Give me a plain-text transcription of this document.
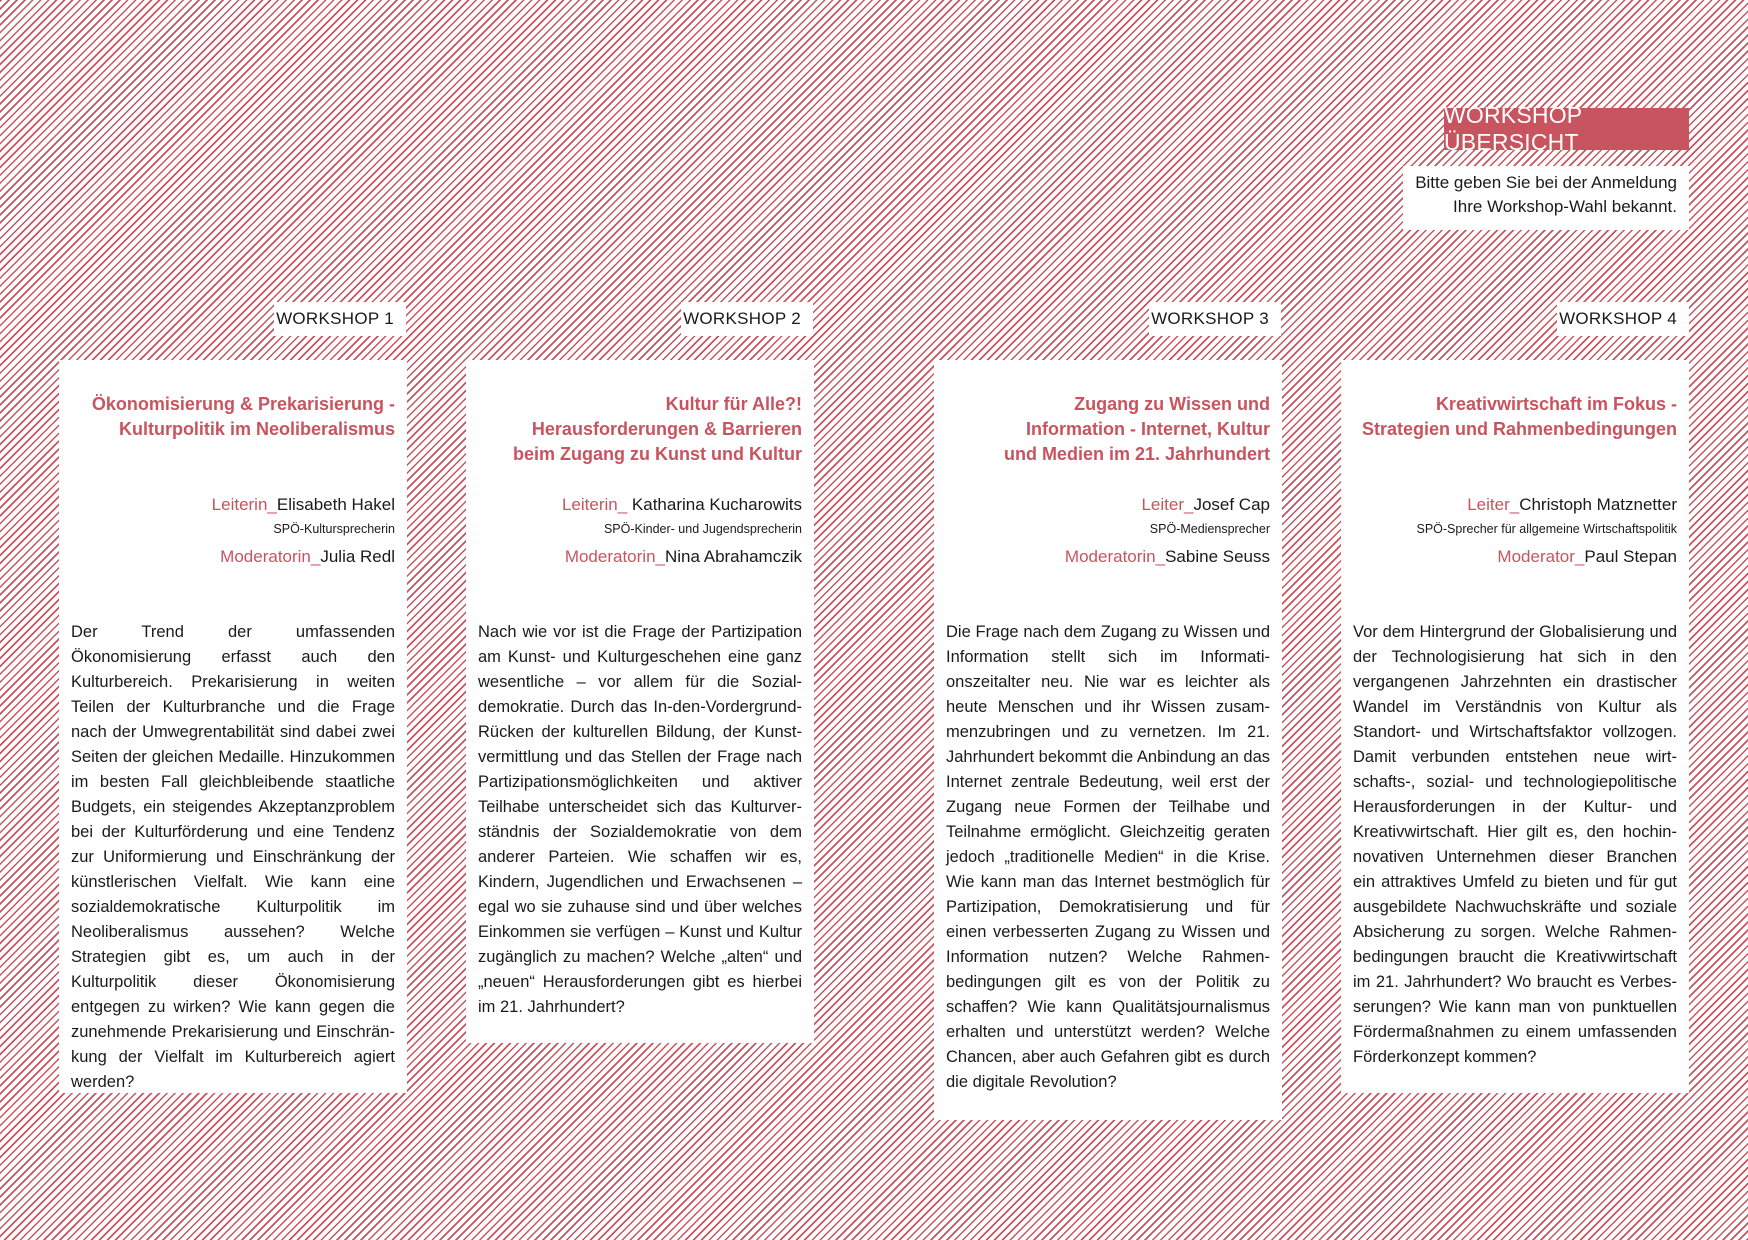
WORKSHOP ÜBERSICHT
Bitte geben Sie bei der Anmeldung
Ihre Workshop-Wahl bekannt.
WORKSHOP 1
Ökonomisierung & Prekarisierung -
Kulturpolitik im Neoliberalismus
Leiterin_Elisabeth Hakel
SPÖ-Kultursprecherin
Moderatorin_Julia Redl
Der Trend der umfassenden Ökonomisierung erfasst auch den Kulturbereich. Prekarisierung in weiten Teilen der Kulturbranche und die Frage nach der Umwegrentabilität sind dabei zwei Seiten der gleichen Medaille. Hinzukommen im besten Fall gleichbleibende staatliche Budgets, ein steigendes Akzeptanzproblem bei der Kulturförderung und eine Tendenz zur Uniformierung und Einschränkung der künstlerischen Vielfalt. Wie kann eine sozialdemokratische Kulturpolitik im Neoliberalismus aussehen? Welche Strategien gibt es, um auch in der Kulturpolitik dieser Ökonomisierung entgegen zu wirken? Wie kann gegen die zunehmende Prekarisierung und Einschränkung der Vielfalt im Kulturbereich agiert werden?
WORKSHOP 2
Kultur für Alle?!
Herausforderungen & Barrieren
beim Zugang zu Kunst und Kultur
Leiterin_ Katharina Kucharowits
SPÖ-Kinder- und Jugendsprecherin
Moderatorin_Nina Abrahamczik
Nach wie vor ist die Frage der Partizipation am Kunst- und Kulturgeschehen eine ganz wesentliche – vor allem für die Sozialdemokratie. Durch das In-den-Vordergrund-Rücken der kulturellen Bildung, der Kunstvermittlung und das Stellen der Frage nach Partizipationsmöglichkeiten und aktiver Teilhabe unterscheidet sich das Kulturverständnis der Sozialdemokratie von dem anderer Parteien. Wie schaffen wir es, Kindern, Jugendlichen und Erwachsenen – egal wo sie zuhause sind und über welches Einkommen sie verfügen – Kunst und Kultur zugänglich zu machen? Welche „alten“ und „neuen“ Herausforderungen gibt es hierbei im 21. Jahrhundert?
WORKSHOP 3
Zugang zu Wissen und
Information - Internet, Kultur
und Medien im 21. Jahrhundert
Leiter_Josef Cap
SPÖ-Mediensprecher
Moderatorin_Sabine Seuss
Die Frage nach dem Zugang zu Wissen und Information stellt sich im Informationszeitalter neu. Nie war es leichter als heute Menschen und ihr Wissen zusammenzubringen und zu vernetzen. Im 21. Jahrhundert bekommt die Anbindung an das Internet zentrale Bedeutung, weil erst der Zugang neue Formen der Teilhabe und Teilnahme ermöglicht. Gleichzeitig geraten jedoch „traditionelle Medien“ in die Krise. Wie kann man das Internet bestmöglich für Partizipation, Demokratisierung und für einen verbesserten Zugang zu Wissen und Information nutzen? Welche Rahmenbedingungen gilt es von der Politik zu schaffen? Wie kann Qualitätsjournalismus erhalten und unterstützt werden? Welche Chancen, aber auch Gefahren gibt es durch die digitale Revolution?
WORKSHOP 4
Kreativwirtschaft im Fokus -
Strategien und Rahmenbedingungen
Leiter_Christoph Matznetter
SPÖ-Sprecher für allgemeine Wirtschaftspolitik
Moderator_Paul Stepan
Vor dem Hintergrund der Globalisierung und der Technologisierung hat sich in den vergangenen Jahrzehnten ein drastischer Wandel im Verständnis von Kultur als Standort- und Wirtschaftsfaktor vollzogen. Damit verbunden entstehen neue wirtschafts-, sozial- und technologiepolitische Herausforderungen in der Kultur- und Kreativwirtschaft. Hier gilt es, den hochinnovativen Unternehmen dieser Branchen ein attraktives Umfeld zu bieten und für gut ausgebildete Nachwuchskräfte und soziale Absicherung zu sorgen. Welche Rahmenbedingungen braucht die Kreativwirtschaft im 21. Jahrhundert? Wo braucht es Verbesserungen? Wie kann man von punktuellen Fördermaßnahmen zu einem umfassenden Förderkonzept kommen?
